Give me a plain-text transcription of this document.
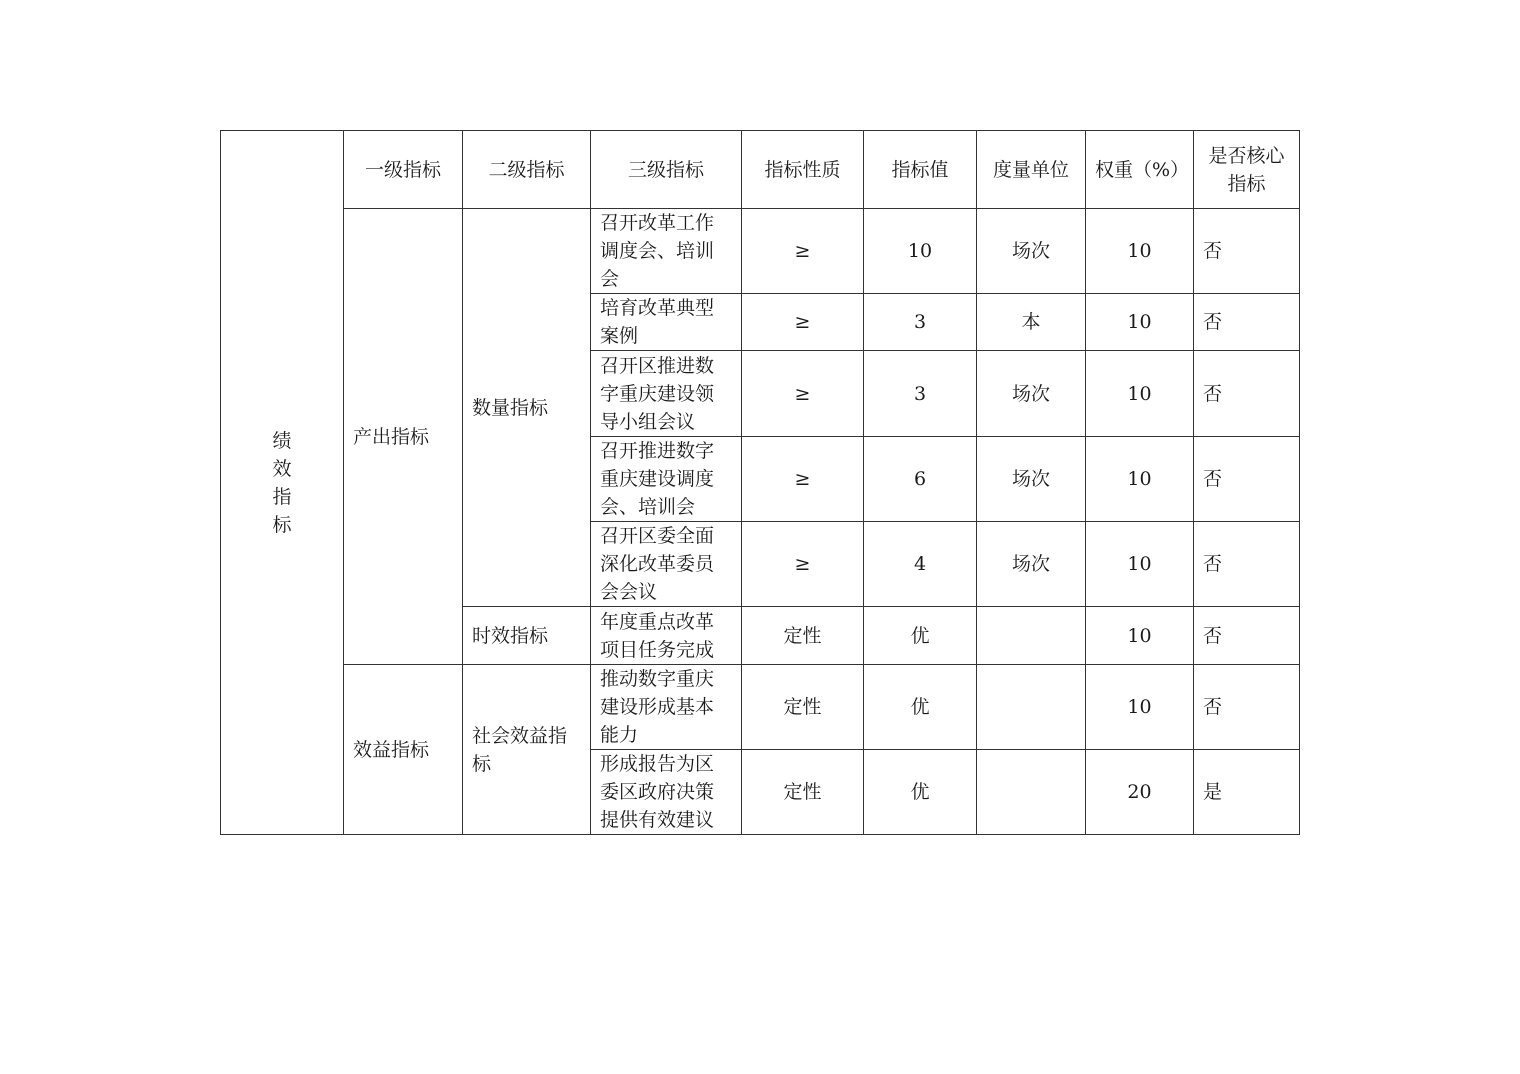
绩效指标	一级指标	二级指标	三级指标	指标性质	指标值	度量单位	权重（%）	是否核心指标
	产出指标	数量指标	召开改革工作调度会、培训会	≥	10	场次	10	否
			培育改革典型案例	≥	3	本	10	否
			召开区推进数字重庆建设领导小组会议	≥	3	场次	10	否
			召开推进数字重庆建设调度会、培训会	≥	6	场次	10	否
			召开区委全面深化改革委员会会议	≥	4	场次	10	否
		时效指标	年度重点改革项目任务完成	定性	优		10	否
	效益指标	社会效益指标	推动数字重庆建设形成基本能力	定性	优		10	否
			形成报告为区委区政府决策提供有效建议	定性	优		20	是
